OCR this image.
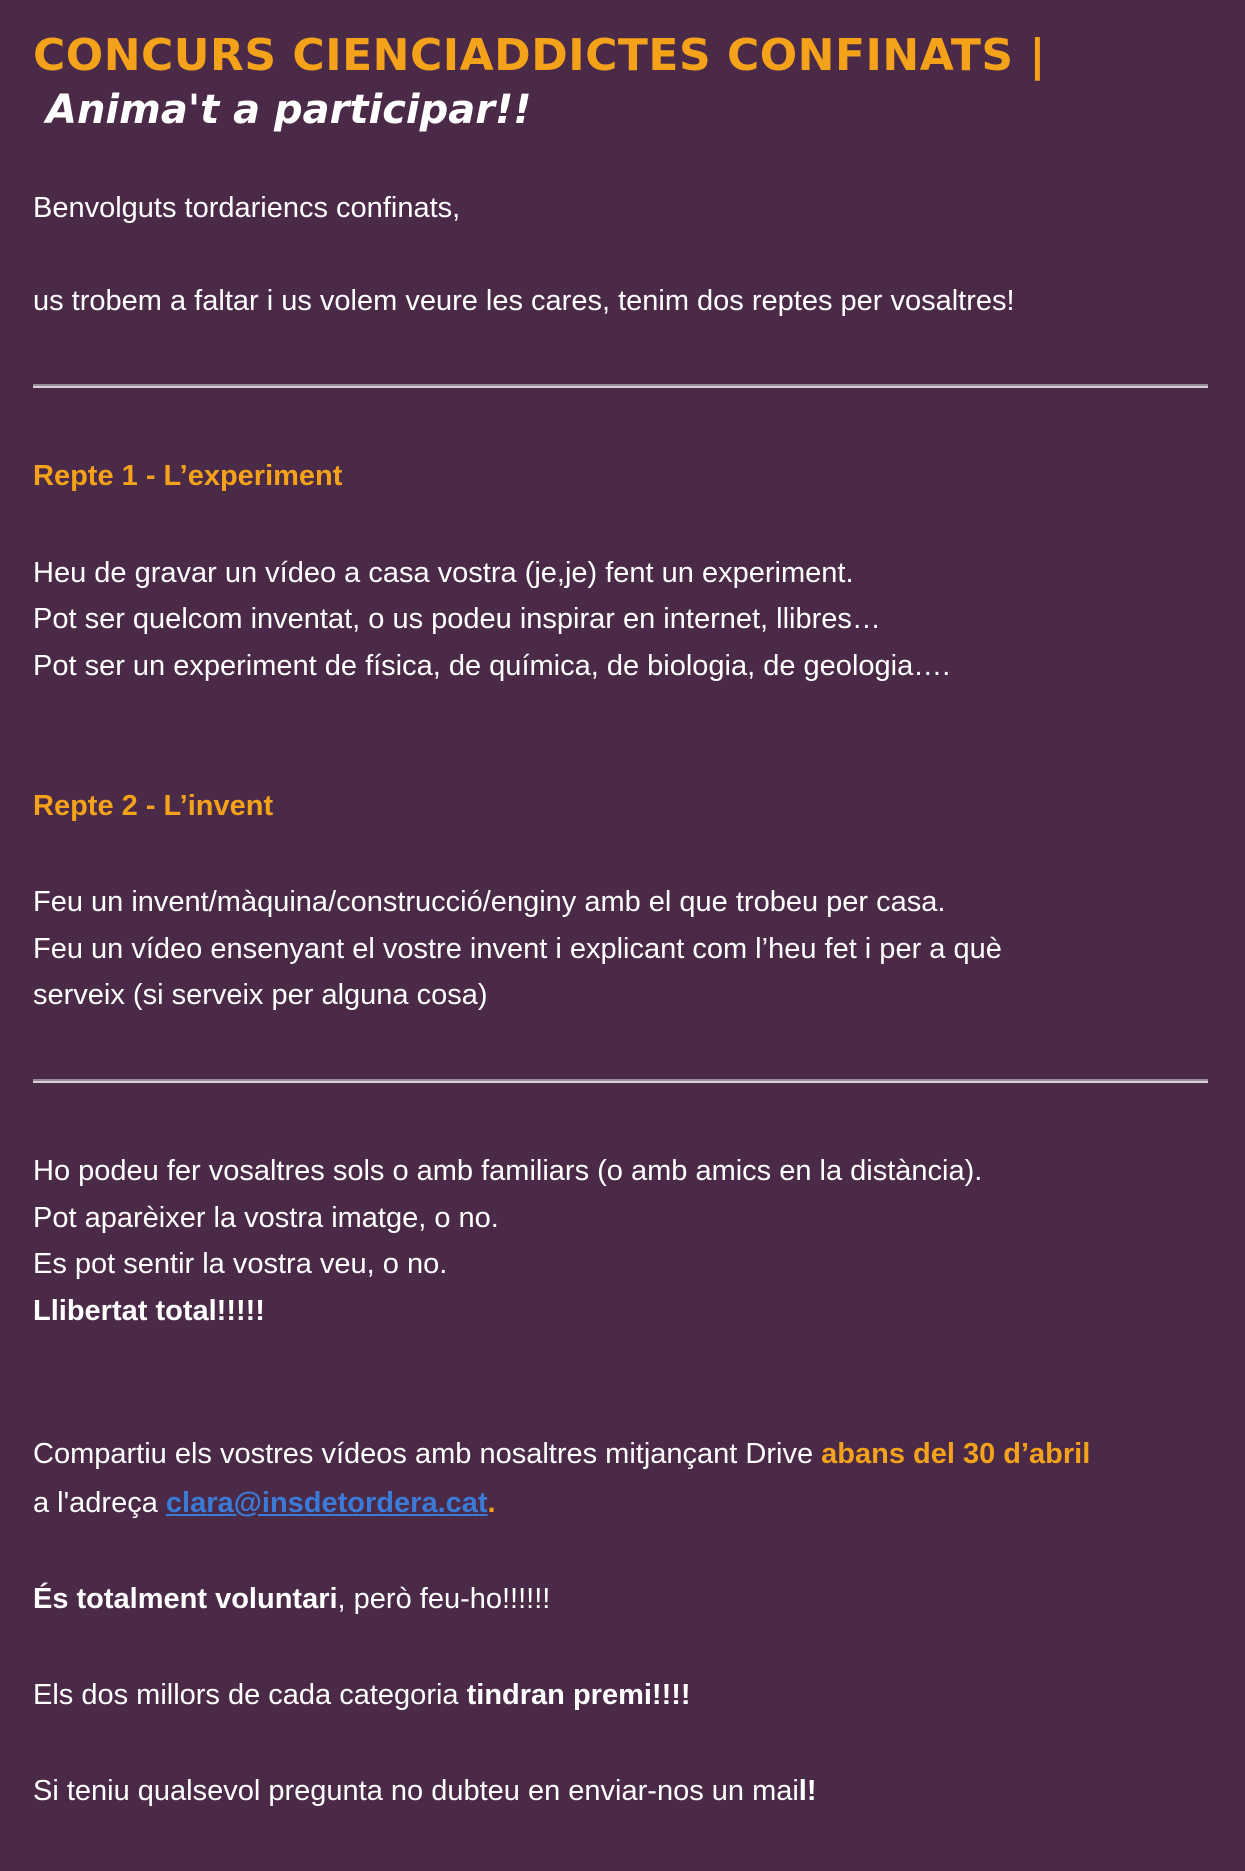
CONCURS CIENCIADDICTES CONFINATS |
Anima't a participar!!
Benvolguts tordariencs confinats,
us trobem a faltar i us volem veure les cares, tenim dos reptes per vosaltres!
Repte 1 - L’experiment
Heu de gravar un vídeo a casa vostra (je,je) fent un experiment.
Pot ser quelcom inventat, o us podeu inspirar en internet, llibres…
Pot ser un experiment de física, de química, de biologia, de geologia….
Repte 2 - L’invent
Feu un invent/màquina/construcció/enginy amb el que trobeu per casa.
Feu un vídeo ensenyant el vostre invent i explicant com l’heu fet i per a què
serveix (si serveix per alguna cosa)
Ho podeu fer vosaltres sols o amb familiars (o amb amics en la distància).
Pot aparèixer la vostra imatge, o no.
Es pot sentir la vostra veu, o no.
Llibertat total!!!!!
Compartiu els vostres vídeos amb nosaltres mitjançant Drive abans del 30 d’abril
a l'adreça clara@insdetordera.cat.
És totalment voluntari, però feu-ho!!!!!!
Els dos millors de cada categoria tindran premi!!!!
Si teniu qualsevol pregunta no dubteu en enviar-nos un mail!
